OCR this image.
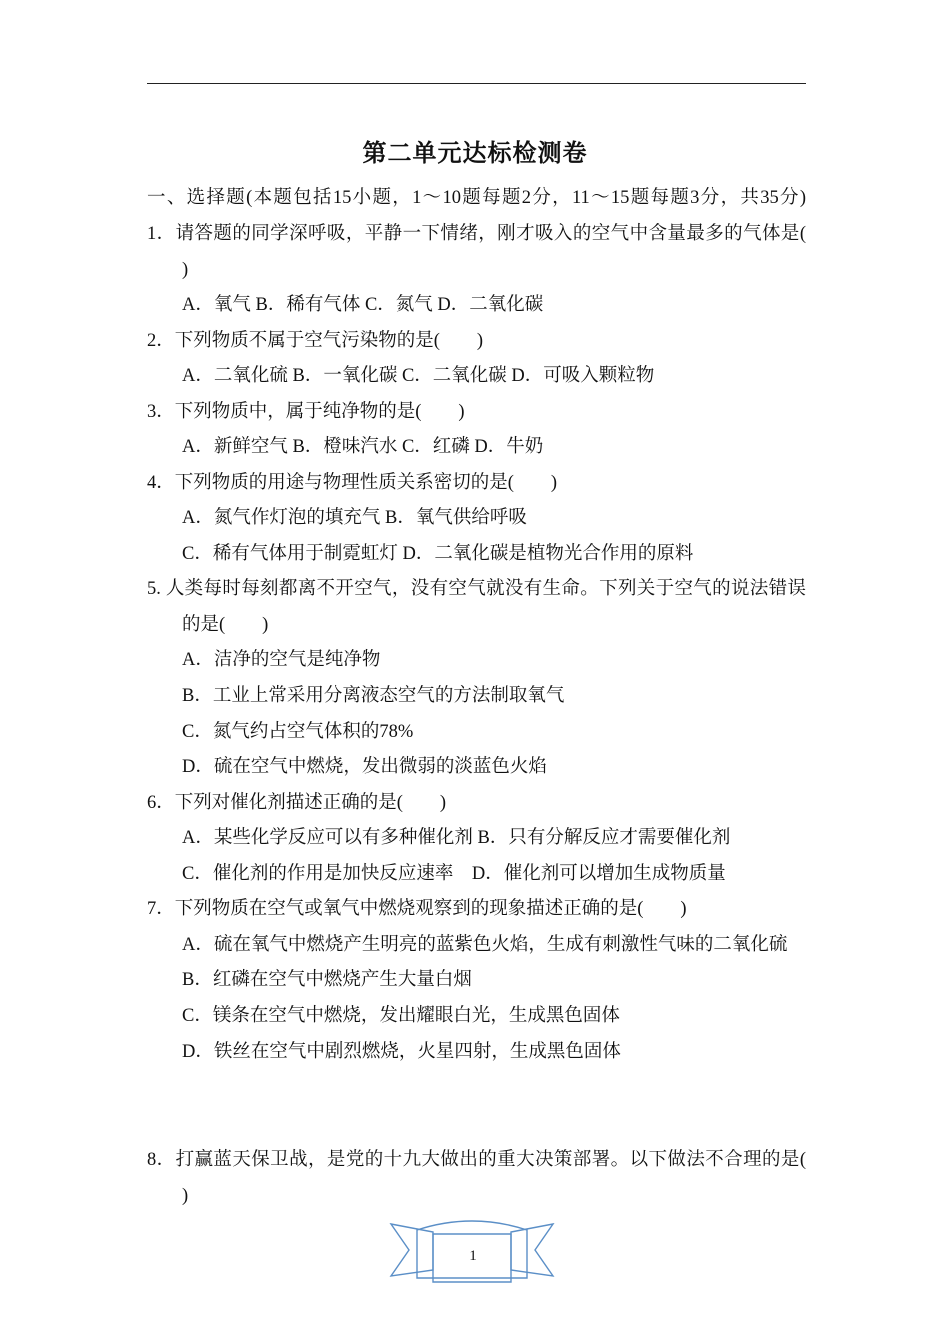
第二单元达标检测卷
一、选择题(本题包括15小题，1～10题每题2分，11～15题每题3分，共35分)
1．请答题的同学深呼吸，平静一下情绪，刚才吸入的空气中含量最多的气体是(
)
A．氧气 B．稀有气体 C．氮气 D．二氧化碳
2．下列物质不属于空气污染物的是(　　)
A．二氧化硫 B．一氧化碳 C．二氧化碳 D．可吸入颗粒物
3．下列物质中，属于纯净物的是(　　)
A．新鲜空气 B．橙味汽水 C．红磷 D．牛奶
4．下列物质的用途与物理性质关系密切的是(　　)
A．氮气作灯泡的填充气 B．氧气供给呼吸
C．稀有气体用于制霓虹灯 D．二氧化碳是植物光合作用的原料
5. 人类每时每刻都离不开空气，没有空气就没有生命。下列关于空气的说法错误
的是(　　)
A．洁净的空气是纯净物
B．工业上常采用分离液态空气的方法制取氧气
C．氮气约占空气体积的78%
D．硫在空气中燃烧，发出微弱的淡蓝色火焰
6．下列对催化剂描述正确的是(　　)
A．某些化学反应可以有多种催化剂 B．只有分解反应才需要催化剂
C．催化剂的作用是加快反应速率　D．催化剂可以增加生成物质量
7．下列物质在空气或氧气中燃烧观察到的现象描述正确的是(　　)
A．硫在氧气中燃烧产生明亮的蓝紫色火焰，生成有刺激性气味的二氧化硫
B．红磷在空气中燃烧产生大量白烟
C．镁条在空气中燃烧，发出耀眼白光，生成黑色固体
D．铁丝在空气中剧烈燃烧，火星四射，生成黑色固体
8．打赢蓝天保卫战，是党的十九大做出的重大决策部署。以下做法不合理的是(
)
1
